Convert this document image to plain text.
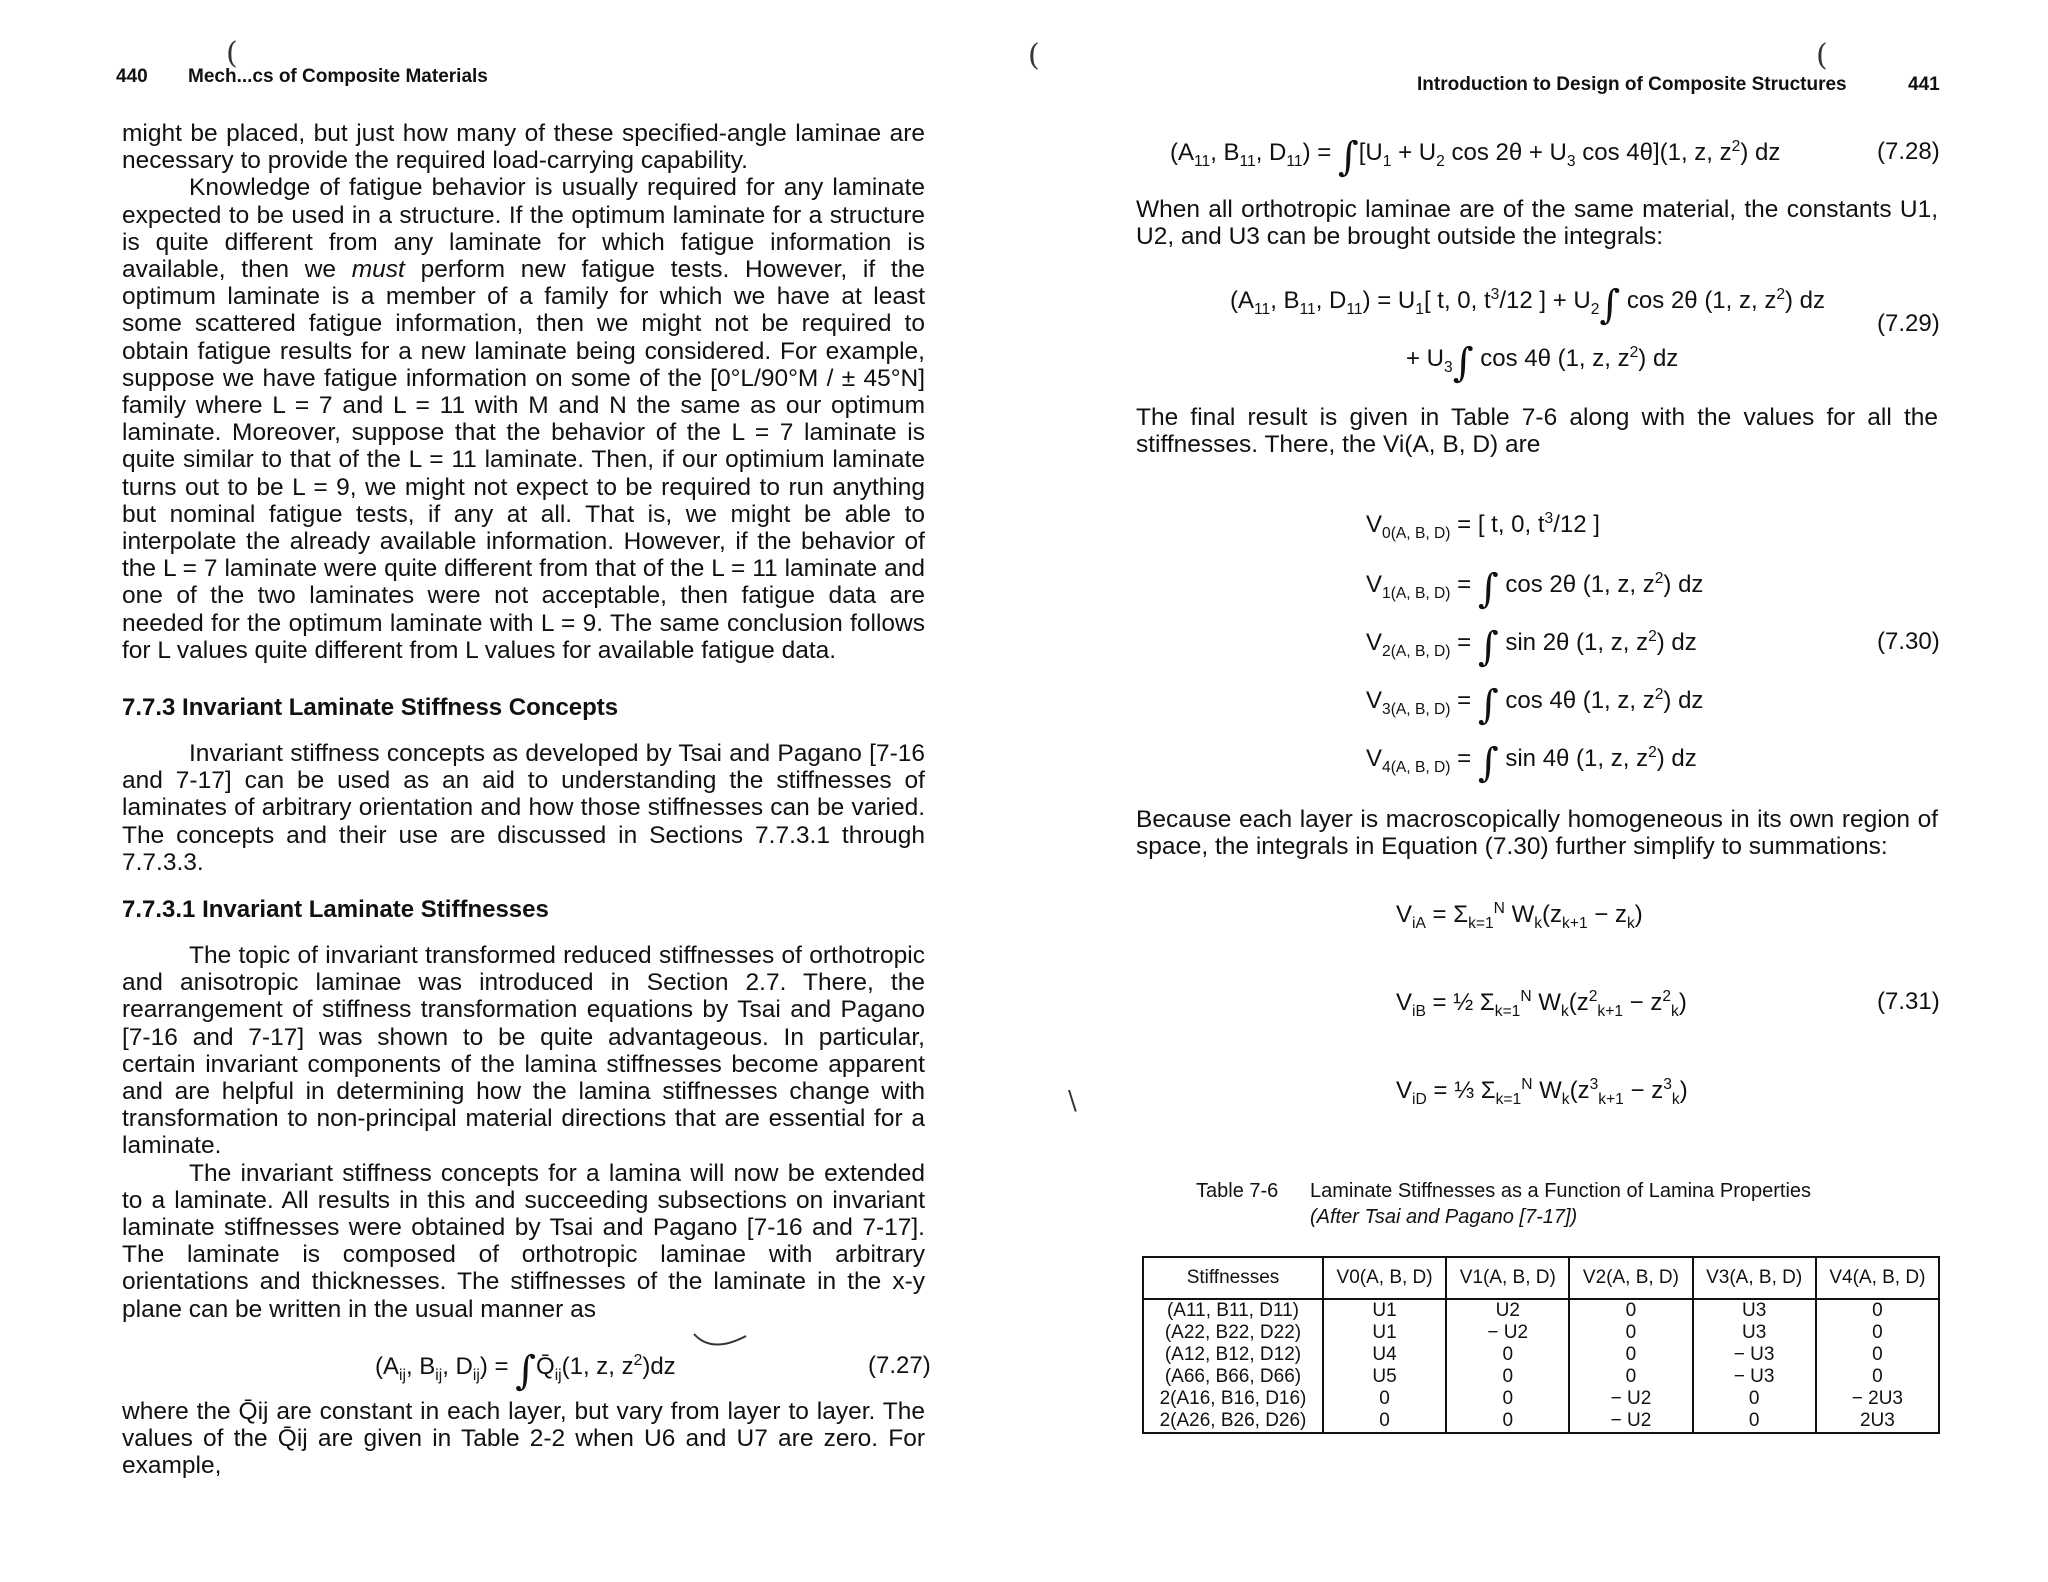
440 Mech...cs of Composite Materials
(

might be placed, but just how many of these specified-angle laminae are necessary to provide the required load-carrying capability.

Knowledge of fatigue behavior is usually required for any laminate expected to be used in a structure. If the optimum laminate for a structure is quite different from any laminate for which fatigue information is available, then we must perform new fatigue tests. However, if the optimum laminate is a member of a family for which we have at least some scattered fatigue information, then we might not be required to obtain fatigue results for a new laminate being considered. For example, suppose we have fatigue information on some of the [0°L/90°M / ± 45°N] family where L = 7 and L = 11 with M and N the same as our optimum laminate. Moreover, suppose that the behavior of the L = 7 laminate is quite similar to that of the L = 11 laminate. Then, if our optimium laminate turns out to be L = 9, we might not expect to be required to run anything but nominal fatigue tests, if any at all. That is, we might be able to interpolate the already available information. However, if the behavior of the L = 7 laminate were quite different from that of the L = 11 laminate and one of the two laminates were not acceptable, then fatigue data are needed for the optimum laminate with L = 9. The same conclusion follows for L values quite different from L values for available fatigue data.

7.7.3 Invariant Laminate Stiffness Concepts

Invariant stiffness concepts as developed by Tsai and Pagano [7-16 and 7-17] can be used as an aid to understanding the stiffnesses of laminates of arbitrary orientation and how those stiffnesses can be varied. The concepts and their use are discussed in Sections 7.7.3.1 through 7.7.3.3.

7.7.3.1 Invariant Laminate Stiffnesses

The topic of invariant transformed reduced stiffnesses of orthotropic and anisotropic laminae was introduced in Section 2.7. There, the rearrangement of stiffness transformation equations by Tsai and Pagano [7-16 and 7-17] was shown to be quite advantageous. In particular, certain invariant components of the lamina stiffnesses become apparent and are helpful in determining how the lamina stiffnesses change with transformation to non-principal material directions that are essential for a laminate.

The invariant stiffness concepts for a lamina will now be extended to a laminate. All results in this and succeeding subsections on invariant laminate stiffnesses were obtained by Tsai and Pagano [7-16 and 7-17]. The laminate is composed of orthotropic laminae with arbitrary orientations and thicknesses. The stiffnesses of the laminate in the x-y plane can be written in the usual manner as

($A_{ij}$, $B_{ij}$, $D_{ij}$) = $\int Q̄_{ij}(1$, z, $z^2)dz$	(7.27)
where the Q̄ij are constant in each layer, but vary from layer to layer. The values of the Q̄ij are given in Table 2-2 when U6 and U7 are zero. For example,
(	(
Introduction to Design of Composite Structures	441
($A_{11}$, $B_{11}$, $D_{11}) = \int[U_1 + U_2$ $\cos 2\theta + U_3$ cos 4θ](1, z, $z^2$) dz	(7.28)
When all orthotropic laminae are of the same material, the constants U1, U2, and U3 can be brought outside the integrals:
($A_{11}$, $B_{11}$, $D_{11}) = U_1$[ t, 0, $t^3/12$ ] + $U_2\int$ cos 2θ (1, z, $z^2$) dz
+ $U_3\int$ cos 4θ (1, z, $z^2$) dz
(7.29)
The final result is given in Table 7-6 along with the values for all the stiffnesses. There, the Vi(A, B, D) are
$V_{0(A, B, D)}$ = [ t, 0, $t^3/12$ ]
$V_{1(A, B, D)}$ = ∫ cos 2θ (1, z, $z^2$) dz
$V_{2(A, B, D)}$ = ∫ sin 2θ (1, z, $z^2$) dz
$V_{3(A, B, D)}$ = ∫ cos 4θ (1, z, $z^2$) dz
$V_{4(A, B, D)}$ = ∫ sin 4θ (1, z, $z^2$) dz
(7.30)
Because each layer is macroscopically homogeneous in its own region of space, the integrals in Equation (7.30) further simplify to summations:
$V_{iA} = \Sigma_{k=1}^N$ $W_k(z_{k+1} - z_k)$
$V_{iB}$ = ½ $\Sigma_{k=1}^N$ $W_k(z^2_{k+1} - z^2_k)$
$V_{iD}$ = ⅓ $\Sigma_{k=1}^N$ $W_k(z^3_{k+1} - z^3_k)$
(7.31)
Table 7-6 Laminate Stiffnesses as a Function of Lamina Properties
(After Tsai and Pagano [7-17])
Stiffnesses	V0(A, B, D)	V1(A, B, D)	V2(A, B, D)	V3(A, B, D)	V4(A, B, D)
(A11, B11, D11)	U1	U2	0	U3	0
(A22, B22, D22)	U1	− U2	0	U3	0
(A12, B12, D12)	U4	0	0	− U3	0
(A66, B66, D66)	U5	0	0	− U3	0
2(A16, B16, D16)	0	0	− U2	0	− 2U3
2(A26, B26, D26)	0	0	− U2	0	2U3
\
